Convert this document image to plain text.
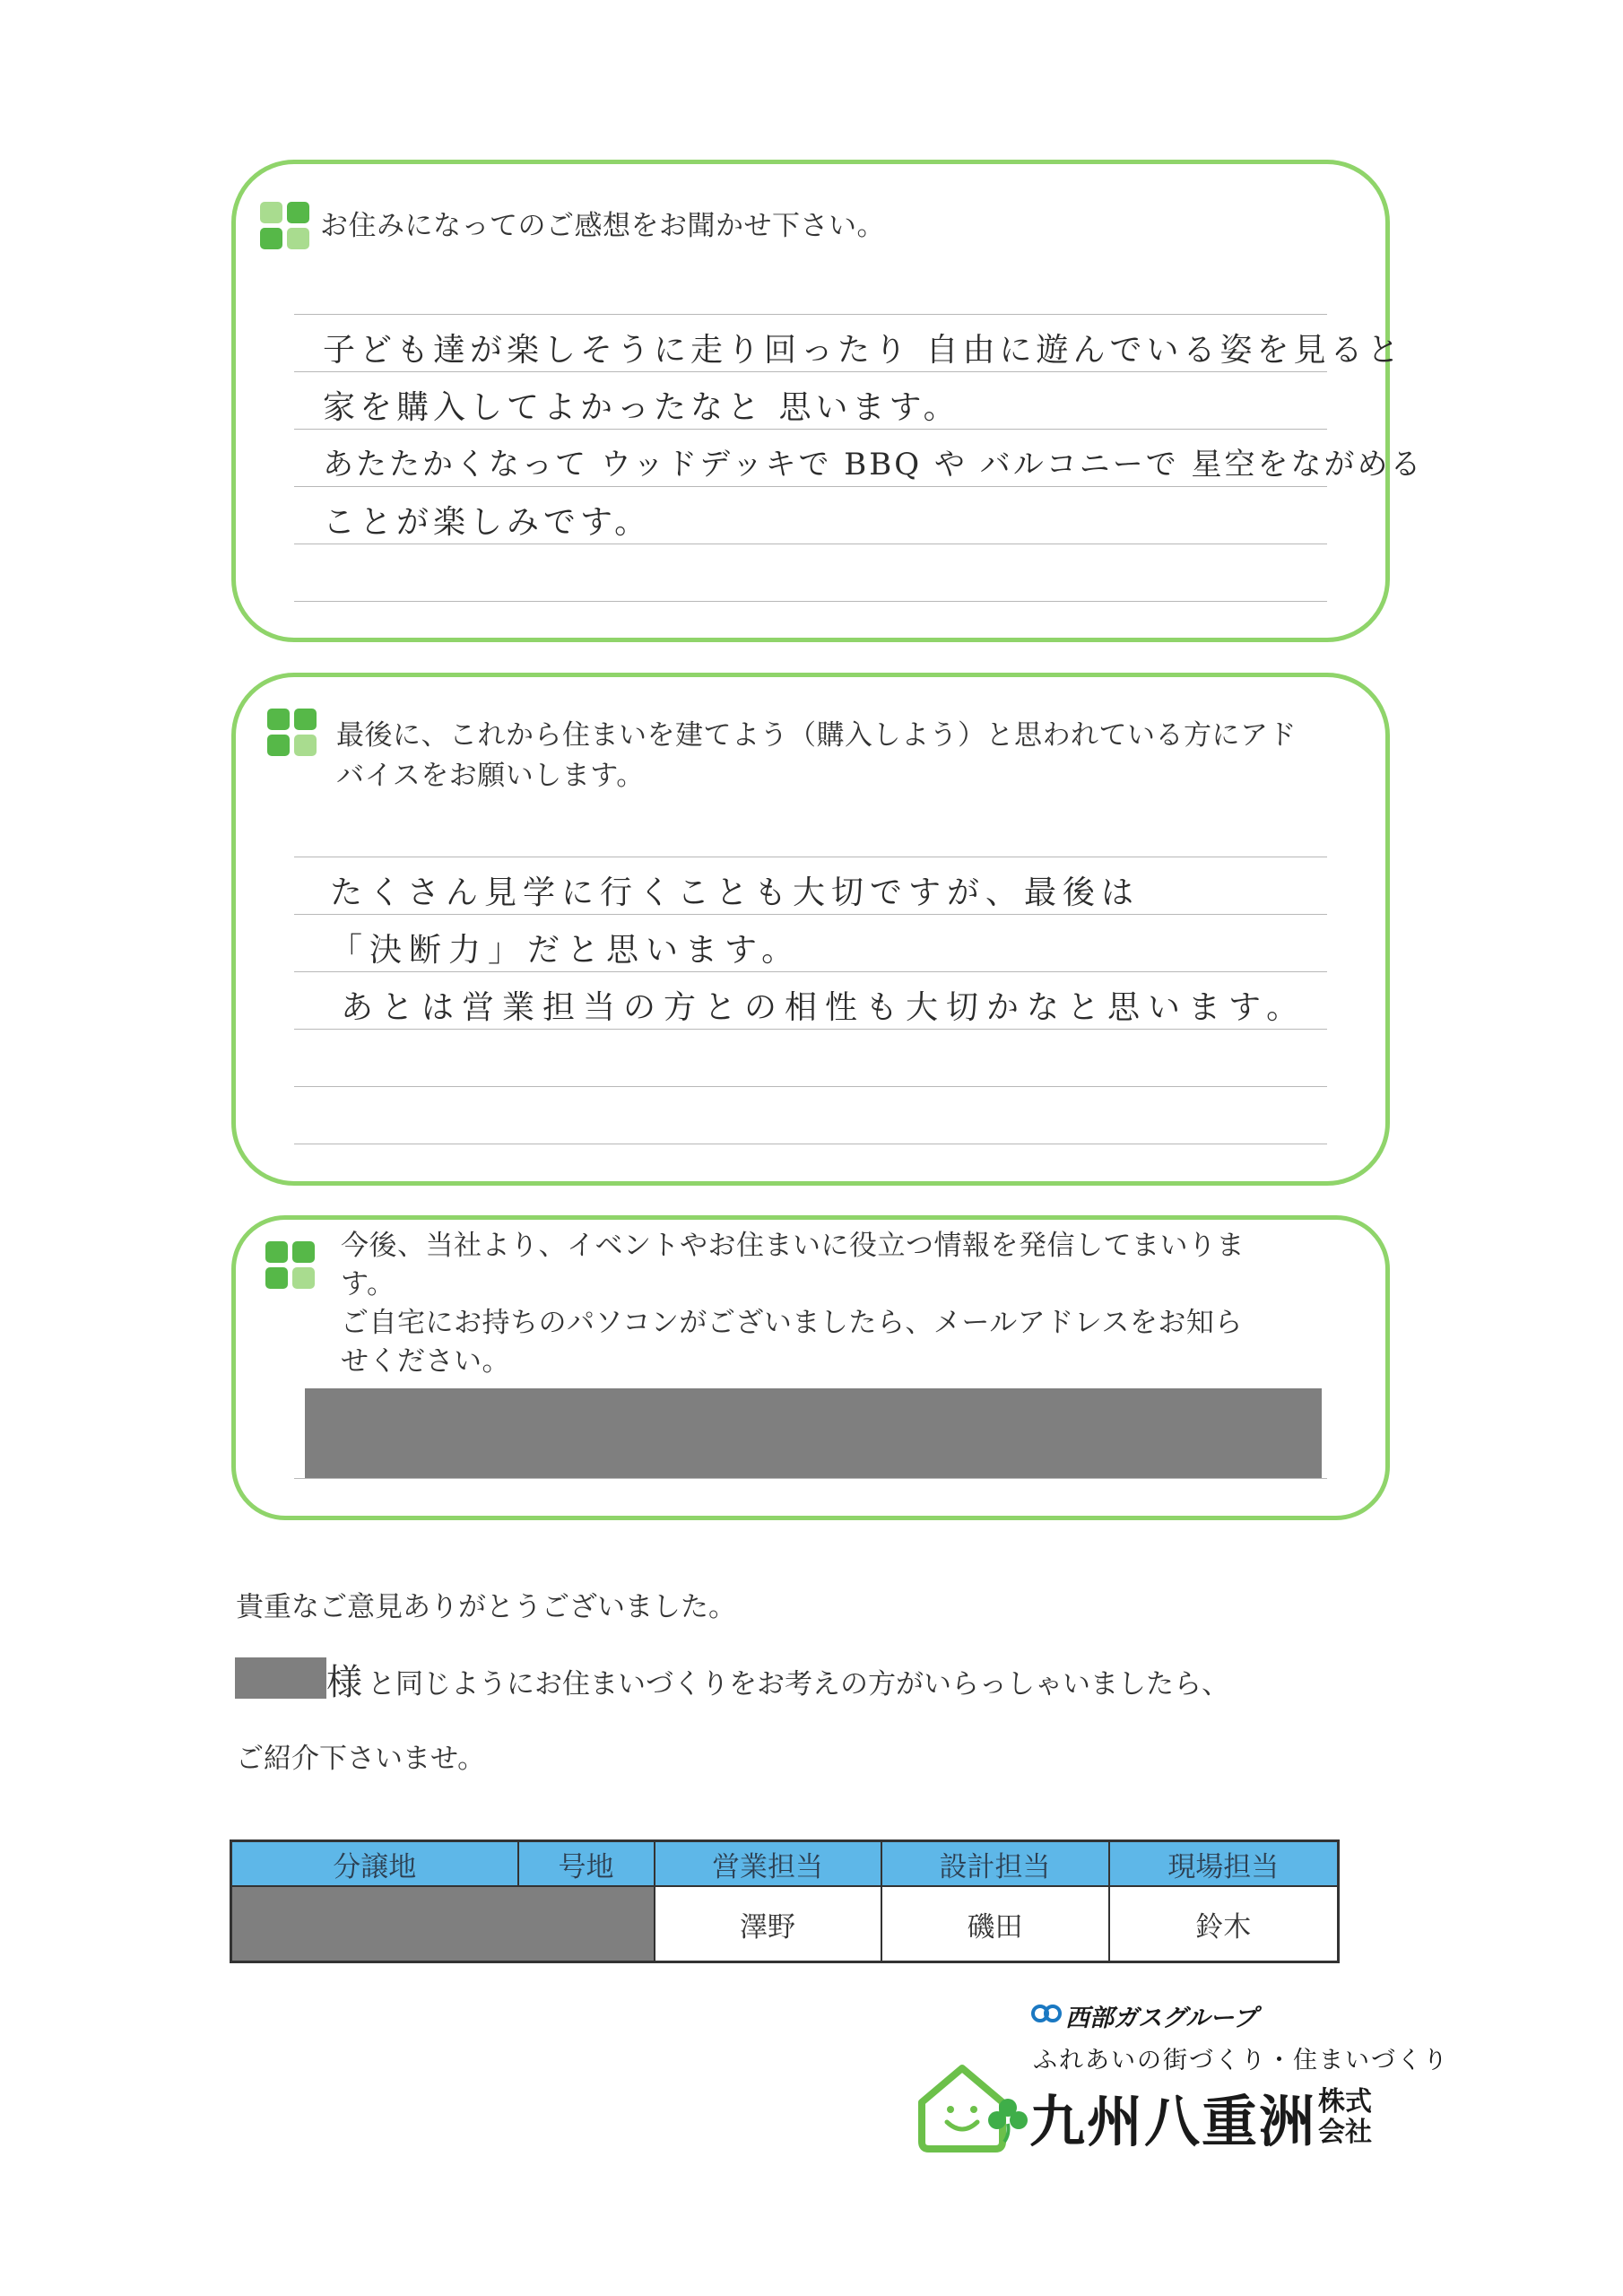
お住みになってのご感想をお聞かせ下さい。
子ども達が楽しそうに走り回ったり 自由に遊んでいる姿を見ると
家を購入してよかったなと 思います。
あたたかくなって ウッドデッキで BBQ や バルコニーで 星空をながめる
ことが楽しみです。
最後に、これから住まいを建てよう（購入しよう）と思われている方にアド
バイスをお願いします。
たくさん見学に行くことも大切ですが、最後は
「決断力」だと思います。
あとは営業担当の方との相性も大切かなと思います。
今後、当社より、イベントやお住まいに役立つ情報を発信してまいりま
す。
ご自宅にお持ちのパソコンがございましたら、メールアドレスをお知ら
せください。
貴重なご意見ありがとうございました。
様 と同じようにお住まいづくりをお考えの方がいらっしゃいましたら、
ご紹介下さいませ。
分譲地	号地	営業担当	設計担当	現場担当
		澤野	磯田	鈴木
西部ガスグループ
ふれあいの街づくり・住まいづくり
九州八重洲 株式
会社
